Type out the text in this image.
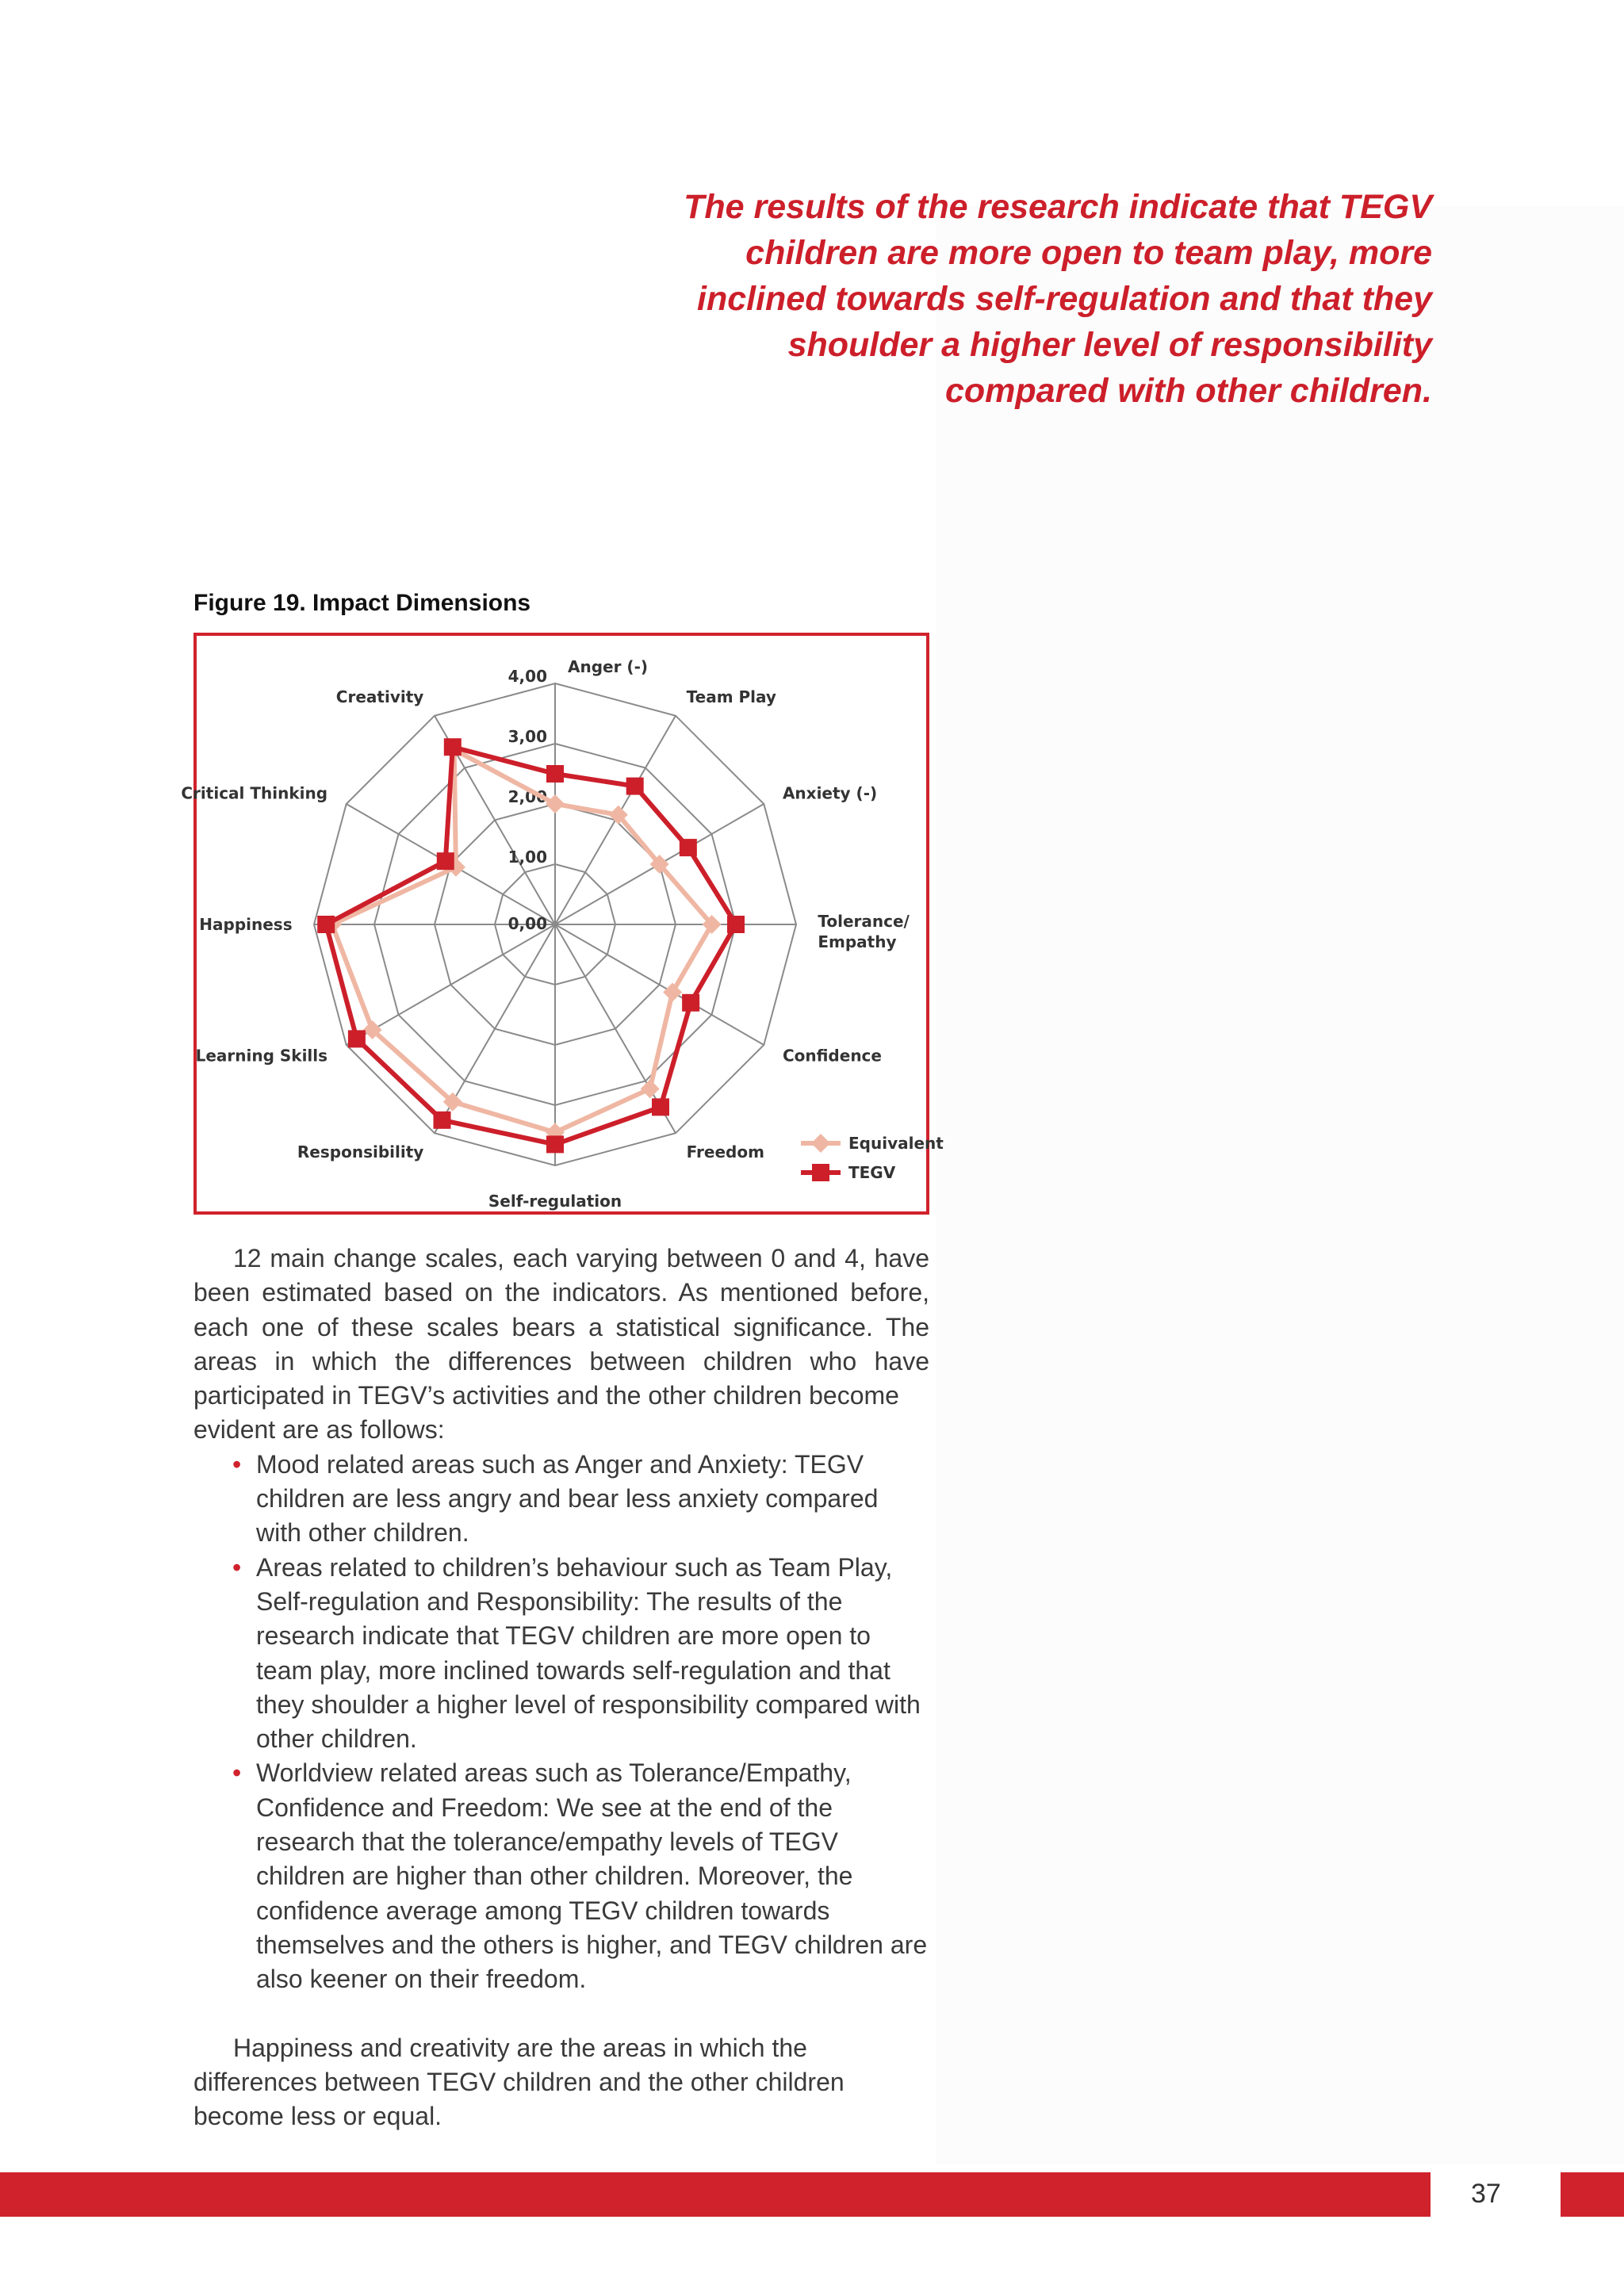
The results of the research indicate that TEGV
children are more open to team play, more
inclined towards self-regulation and that they
shoulder a higher level of responsibility
compared with other children.
Figure 19. Impact Dimensions
0,00
1,00
2,00
3,00
4,00 Anger (-)
Team Play
Anxiety (-)
Tolerance/ Empathy
Confidence
Freedom
Self-regulation
Responsibility
Learning Skills
Happiness
Critical Thinking
Creativity
Equivalent
TEGV

12 main change scales, each varying between 0 and 4, have been estimated based on the indicators. As mentioned before, each one of these scales bears a statistical significance. The areas in which the differences between children who have participated in TEGV’s activities and the other children become

evident are as follows:

• Mood related areas such as Anger and Anxiety: TEGV children are less angry and bear less anxiety compared with other children.
• Areas related to children’s behaviour such as Team Play, Self-regulation and Responsibility: The results of the research indicate that TEGV children are more open to team play, more inclined towards self-regulation and that they shoulder a higher level of responsibility compared with other children.
• Worldview related areas such as Tolerance/Empathy, Confidence and Freedom: We see at the end of the research that the tolerance/empathy levels of TEGV children are higher than other children. Moreover, the confidence average among TEGV children towards themselves and the others is higher, and TEGV children are also keener on their freedom.

Happiness and creativity are the areas in which the differences between TEGV children and the other children become less or equal.

37
